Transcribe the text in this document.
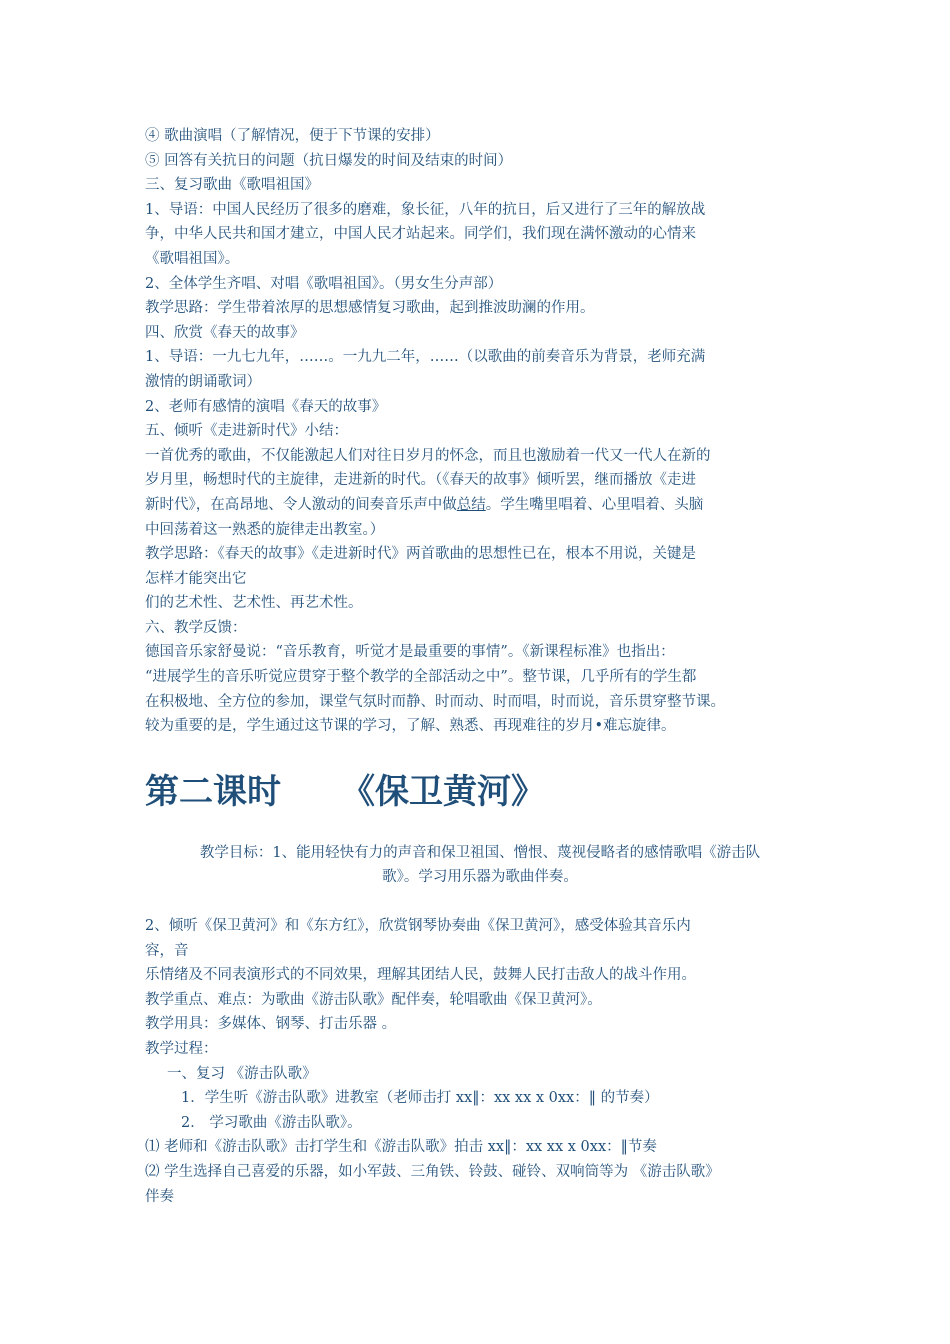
④ 歌曲演唱（了解情况，便于下节课的安排）

⑤ 回答有关抗日的问题（抗日爆发的时间及结束的时间）

三、复习歌曲《歌唱祖国》

1、导语：中国人民经历了很多的磨难，象长征，八年的抗日，后又进行了三年的解放战

争，中华人民共和国才建立，中国人民才站起来。同学们，我们现在满怀激动的心情来

《歌唱祖国》。

2、全体学生齐唱、对唱《歌唱祖国》。（男女生分声部）

教学思路：学生带着浓厚的思想感情复习歌曲，起到推波助澜的作用。

四、欣赏《春天的故事》

1、导语：一九七九年，……。一九九二年，……（以歌曲的前奏音乐为背景，老师充满

激情的朗诵歌词）

2、老师有感情的演唱《春天的故事》

五、倾听《走进新时代》小结：

一首优秀的歌曲，不仅能激起人们对往日岁月的怀念，而且也激励着一代又一代人在新的

岁月里，畅想时代的主旋律，走进新的时代。（《春天的故事》倾听罢，继而播放《走进

新时代》，在高昂地、令人激动的间奏音乐声中做总结。学生嘴里唱着、心里唱着、头脑

中回荡着这一熟悉的旋律走出教室。）

教学思路：《春天的故事》《走进新时代》两首歌曲的思想性已在，根本不用说，关键是

怎样才能突出它

们的艺术性、艺术性、再艺术性。

六、教学反馈：

德国音乐家舒曼说：“音乐教育，听觉才是最重要的事情”。《新课程标准》也指出：

“进展学生的音乐听觉应贯穿于整个教学的全部活动之中”。整节课，几乎所有的学生都

在积极地、全方位的参加，课堂气氛时而静、时而动、时而唱，时而说，音乐贯穿整节课。

较为重要的是，学生通过这节课的学习，了解、熟悉、再现难往的岁月•难忘旋律。

第二课时 《保卫黄河》
教学目标：1、能用轻快有力的声音和保卫祖国、憎恨、蔑视侵略者的感情歌唱《游击队
歌》。学习用乐器为歌曲伴奏。

2、倾听《保卫黄河》和《东方红》，欣赏钢琴协奏曲《保卫黄河》，感受体验其音乐内

容，音

乐情绪及不同表演形式的不同效果，理解其团结人民，鼓舞人民打击敌人的战斗作用。

教学重点、难点：为歌曲《游击队歌》配伴奏，轮唱歌曲《保卫黄河》。

教学用具：多媒体、钢琴、打击乐器 。

教学过程：

一、复习 《游击队歌》

1．学生听《游击队歌》进教室（老师击打 xx‖：xx xx x 0xx：‖ 的节奏）

2． 学习歌曲《游击队歌》。

⑴ 老师和《游击队歌》击打学生和《游击队歌》拍击 xx‖：xx xx x 0xx：‖节奏

⑵ 学生选择自己喜爱的乐器，如小军鼓、三角铁、铃鼓、碰铃、双响筒等为 《游击队歌》

伴奏
